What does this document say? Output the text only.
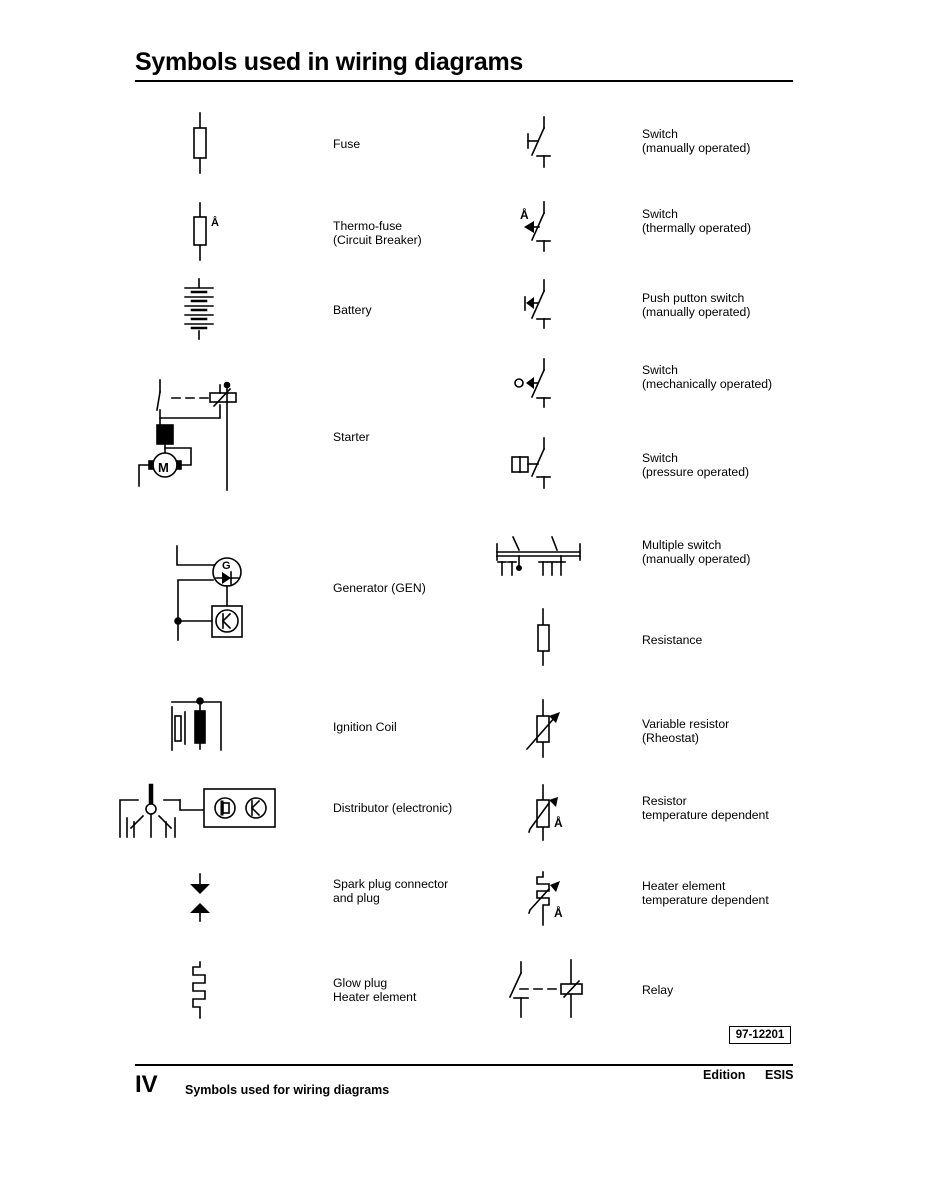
Symbols used in wiring diagrams
Fuse
Thermo-fuse
(Circuit Breaker)
Battery
Starter
Generator (GEN)
Ignition Coil
Distributor (electronic)
Spark plug connector
and plug
Glow plug
Heater element
Switch
(manually operated)
Switch
(thermally operated)
Push putton switch
(manually operated)
Switch
(mechanically operated)
Switch
(pressure operated)
Multiple switch
(manually operated)
Resistance
Variable resistor
(Rheostat)
Resistor
temperature dependent
Heater element
temperature dependent
Relay
Å
M
G
Å
Å
Å
97-12201
IV Symbols used for wiring diagrams
Edition ESIS
